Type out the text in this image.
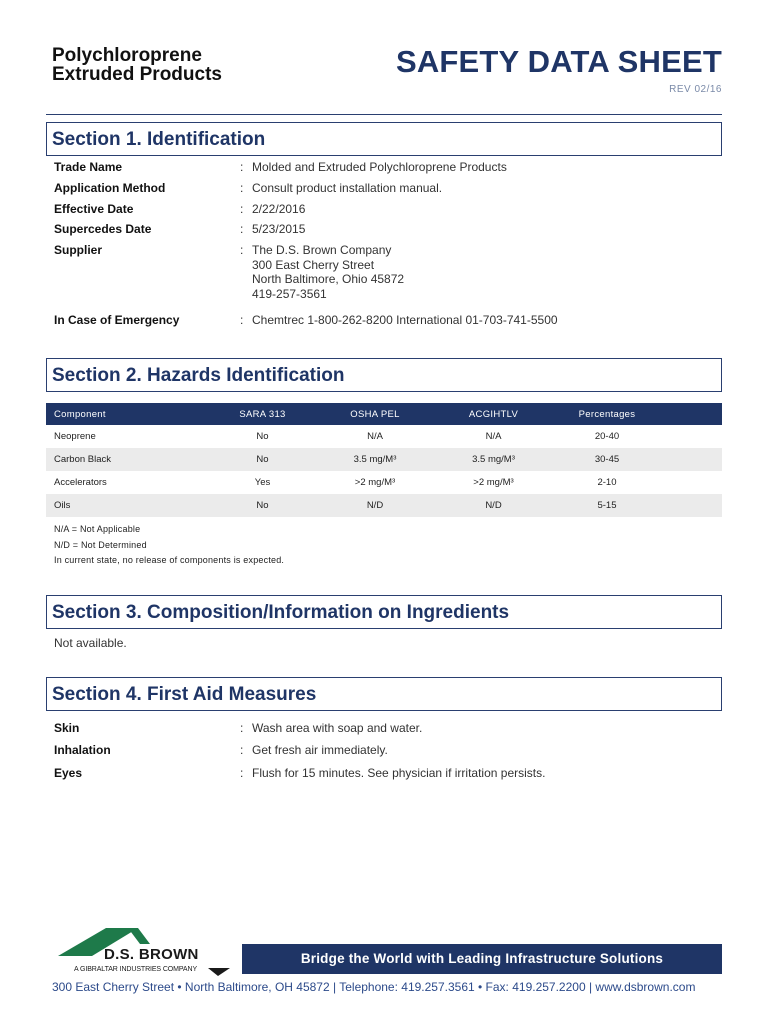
Polychloroprene
Extruded Products	SAFETY DATA SHEET
REV 02/16
Section 1. Identification
Trade Name	: Molded and Extruded Polychloroprene Products
Application Method	: Consult product installation manual.
Effective Date	: 2/22/2016
Supercedes Date	: 5/23/2015
Supplier	: The D.S. Brown Company
300 East Cherry Street
North Baltimore, Ohio 45872
419-257-3561
In Case of Emergency	: Chemtrec 1-800-262-8200 International 01-703-741-5500
Section 2. Hazards Identification
Component	SARA 313	OSHA PEL	ACGIHTLV	Percentages	
Neoprene	No	N/A	N/A	20-40	
Carbon Black	No	3.5 mg/M³	3.5 mg/M³	30-45	
Accelerators	Yes	>2 mg/M³	>2 mg/M³	2-10	
Oils	No	N/D	N/D	5-15	
N/A = Not Applicable
N/D = Not Determined
In current state, no release of components is expected.
Section 3. Composition/Information on Ingredients
Not available.
Section 4. First Aid Measures
Skin	: Wash area with soap and water.
Inhalation	: Get fresh air immediately.
Eyes	: Flush for 15 minutes. See physician if irritation persists.
D.S. BROWN
A GIBRALTAR INDUSTRIES COMPANY
Bridge the World with Leading Infrastructure Solutions
300 East Cherry Street • North Baltimore, OH 45872 | Telephone: 419.257.3561 • Fax: 419.257.2200 | www.dsbrown.com
